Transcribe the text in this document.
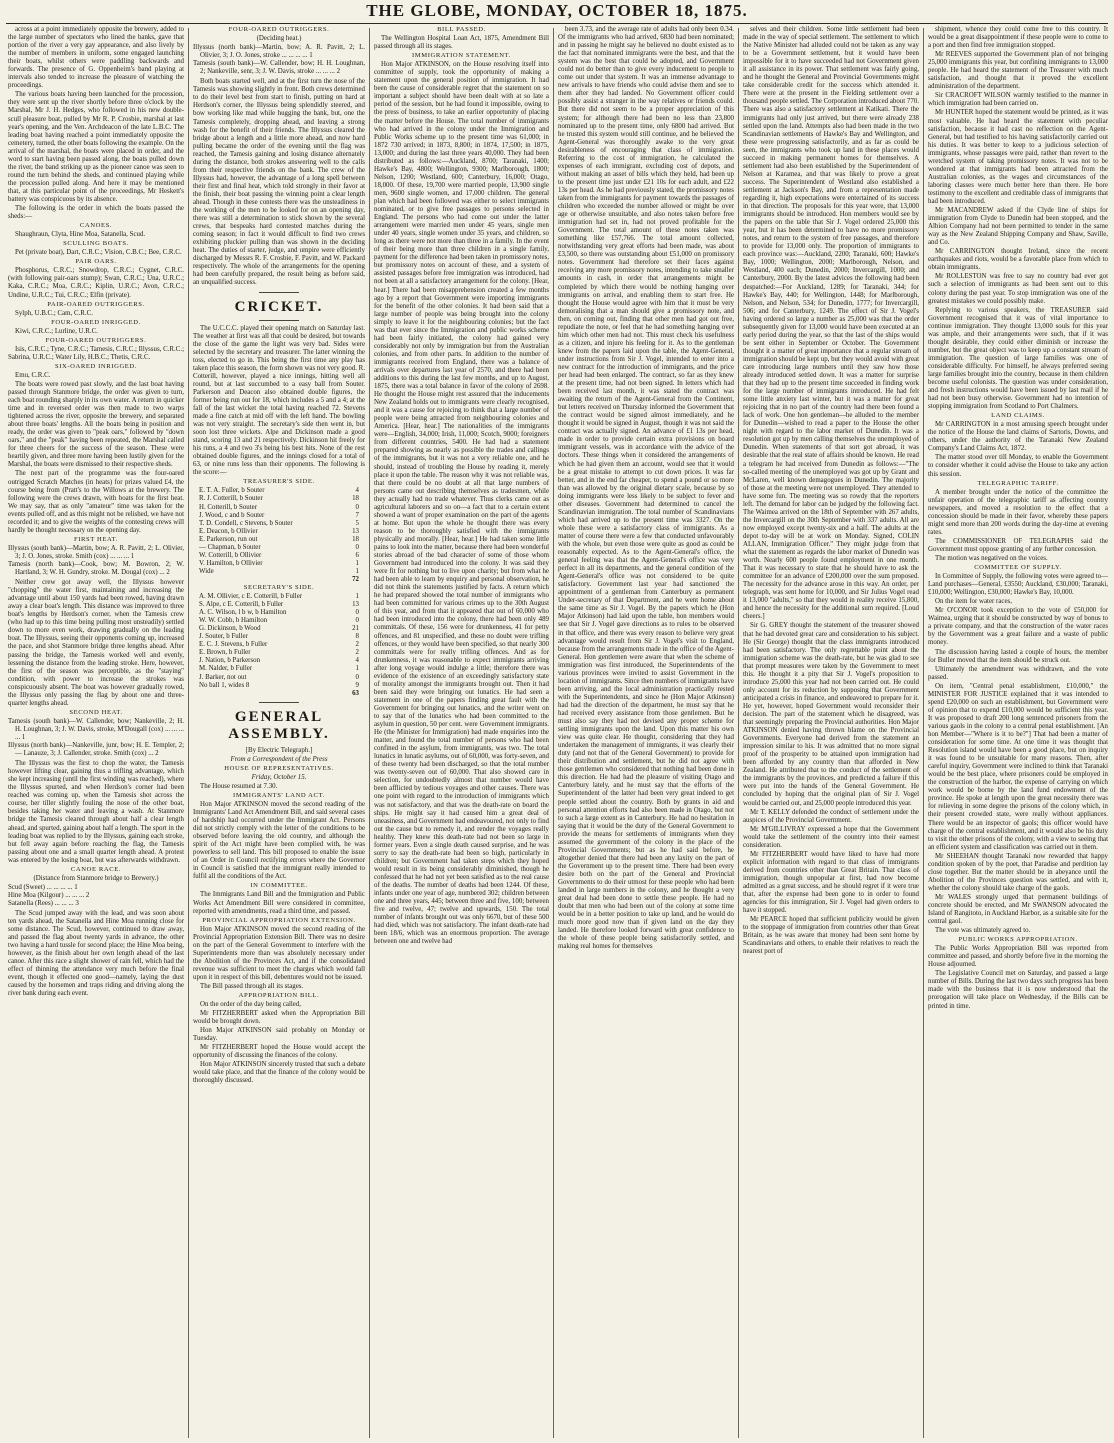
THE GLOBE, MONDAY, OCTOBER 18, 1875.

across at a point immediately opposite the brewery, added to the large number of spectators who lined the banks, gave that portion of the river a very gay appearance, and also lively by the number of members in uniform, some engaged launching their boats, whilst others were paddling backwards and forwards. The presence of G. Oppenheim's band playing at intervals also tended to increase the pleasure of watching the proceedings.

The various boats having been launched for the procession, they were sent up the river shortly before three o'clock by the Marshal, Mr J. H. Hedges, who followed in his new double-scull pleasure boat, pulled by Mr R. P. Crosbie, marshal at last year's opening, and the Ven. Archdeacon of the late L.B.C. The leading boat having reached a point immediately opposite the cemetery, turned, the other boats following the example. On the arrival of the marshal, the boats were placed in order, and the word to start having been passed along, the boats pulled down the river, the band striking up as the pioneer canoe was seen to round the turn behind the sheds, and continued playing while the procession pulled along. And here it may be mentioned that, at this particular point of the proceedings, Mr Heskett's battery was conspicuous by its absence.

The following is the order in which the boats passed the sheds:—

CANOES.

Shaughraun, Clyta, Hine Moa, Satanella, Scud.

SCULLING BOATS.

Pet (private boat), Dart, C.R.C.; Vision, C.B.C.; Bee, C.R.C.

PAIR OARS.

Phosphorus, C.R.C.; Snowdrop, C.R.C.; Cygnet, C.R.C. (with following pair-oars stump); Swan, C.R.C.; Una, U.R.C.; Kaka, C.R.C.; Moa, C.R.C.; Kiplin, U.R.C.; Avon, C.R.C.; Undine, U.R.C.; Tui, C.R.C.; Elfin (private).

PAIR-OARED OUTRIGGERS.

Sylph, U.B.C.; Cam, C.R.C.

FOUR-OARED INRIGGED.

Kiwi, C.R.C.; Lurline, U.R.C.

FOUR-OARED OUTRIGGERS.

Isis, C.R.C.; Tyne, C.R.C.; Tamesis, C.R.C.; Illyssus, C.R.C.; Sabrina, U.R.C.; Water Lily, H.B.C.; Thetis, C.R.C.

SIX-OARED INRIGGED.

Emu, C.R.C.

The boats were rowed past slowly, and the last boat having passed through Stanmore bridge, the order was given to turn, each boat rounding sharply in its own water. A return in quicker time and in reversed order was then made to two warps tightened across the river, opposite the brewery, and separated about three boats' lengths. All the boats being in position and ready, the order was given to "peak oars," followed by "down oars," and the "peak" having been repeated, the Marshal called for three cheers for the success of the season. These were heartily given, and three more having been lustily given for the Marshal, the boats were dismissed to their respective sheds.

The next part of the programme was the four-oared outrigged Scratch Matches (in heats) for prizes valued £4, the course being from (Pratt's to the Willows at the brewery. The following were the crews drawn, with boats for the first heat. We may say, that as only "amateur" time was taken for the events pulled off, and as this might not be relished, we have not recorded it; and to give the weights of the contesting crews will hardly be thought necessary on the opening day.

FIRST HEAT.

Illyssus (south bank)—Martin, bow; A. R. Pavitt, 2; L. Olivier, 3; J. O. Jones, stroke. Smith (cox) ... ... ... 1
Tamesis (north bank)—Cook, bow; M. Bowron, 2; W. Hartland, 3; W. H. Gundry, stroke. M. Dougal (cox) ... 2

Neither crew got away well, the Illyssus however "chopping" the water first, maintaining and increasing the advantage until about 150 yards had been rowed, having drawn away a clear boat's length. This distance was improved to three boat's lengths by Herdson's corner, when the Tamesis crew (who had up to this time being pulling most unsteadily) settled down to more even work, drawing gradually on the leading boat. The Illyssus, seeing their opponents coming up, increased the pace, and shot Stanmore bridge three lengths ahead. After passing the bridge, the Tamesis worked well and evenly, lessening the distance from the leading stroke. Here, however, the first of the season was perceptible, as the "staying" condition, with power to increase the strokes was conspicuously absent. The boat was however gradually rowed, the Illyssus only passing the flag by about one and three-quarter lengths ahead.

SECOND HEAT.

Tamesis (south bank)—W. Callender, bow; Nankeville, 2; H. H. Loughnan, 3; J. W. Davis, stroke, M'Dougall (cox) ... ... ... ... 1
Illyssus (north bank)—Nankeville, junr, bow; H. E. Templer, 2; — Lanauze, 3; J. Callender, stroke. Smith (cox) ... 2

The Illyssus was the first to chop the water, the Tamesis however lifting clear, gaining thus a trifling advantage, which she kept increasing (until the first winding was reached), where the Illyssus spurted, and when Herdson's corner had been reached was coming up, when the Tamesis shot across the course, her tiller slightly fouling the nose of the other boat, besides taking her water and leaving a wash. At Stanmore bridge the Tamesis cleared through about half a clear length ahead, and spurted, gaining about half a length. The sport in the leading boat was replied to by the Illyssus, gaining each stroke, but fell away again before reaching the flag, the Tamesis passing about one and a small quarter length ahead. A protest was entered by the losing boat, but was afterwards withdrawn.

CANOE RACE.

(Distance from Stanmore bridge to Brewery.)

Scud (Sweet) ... ... ... ... 1
Hine Moa (Kilgour) ... ... ... 2
Satanella (Rees) ... ... ... 3

The Scud jumped away with the lead, and was soon about ten yards ahead, the Satanella and Hine Moa running close for some distance. The Scud, however, continued to draw away, and passed the flag about twenty yards in advance, the other two having a hard tussle for second place; the Hine Moa being, however, as the finish about her own length ahead of the last canoe. After this race a slight shower of rain fell, which had the effect of thinning the attendance very much before the final event, though it effected one good—namely, laying the dust caused by the horsemen and traps riding and driving along the river bank during each event.

FOUR-OARED OUTRIGGERS.

(Deciding heat.)

Illyssus (north bank)—Martin, bow; A. R. Pavitt, 2; L. Olivier, 3; J. O. Jones, stroke ... ... ... ... 1
Tamesis (south bank)—W. Callender, bow; H. H. Loughnan, 2; Nankeville, senr, 3; J. W. Davis, stroke ... ... ... 2

Both boats started well, and at the first turn the nose of the Tamesis was showing slightly in front. Both crews determined to do their level best from start to finish, putting on hard at Herdson's corner, the Illyssus being splendidly steered, and bow working like mad while hugging the bank, but, one the Tamesis completely, dropping ahead, and leaving a strong wash for the benefit of their friends. The Illyssus cleared the bridge about a length and a little more ahead, and now hard pulling became the order of the evening until the flag was reached, the Tamesis gaining and losing distance alternately during the distance, both strokes answering well to the calls from their respective friends on the bank. The crew of the Illyssus had, however, the advantage of a long spell between their first and final heat, which told strongly in their favor at the finish, their boat passing the winning point a clear length ahead. Though in these contests there was the unsteadiness in the working of the men to be looked for on an opening day, there was still a determination to stick shown by the several crews, that bespeaks hard contested matches during the coming season; in fact it would difficult to find two crews exhibiting pluckier pulling than was shown in the deciding heat. The duties of starter, judge, and umpire were efficiently discharged by Messrs R. F. Crosbie, F. Pavitt, and W. Packard respectively. The whole of the arrangements for the opening had been carefully prepared, the result being as before said, an unqualified success.

CRICKET.

The U.C.C.C. played their opening match on Saturday last. The weather at first was all that could be desired, but towards the close of the game the light was very bad. Sides were selected by the secretary and treasurer. The latter winning the toss, elected to go in. This being the first time any play has taken place this season, the form shown was not very good. R. Cotterill, however, played a nice innings, hitting well all round, but at last succumbed to a easy ball from Souter. Parkerson and Deacon also obtained double figures, the former being run out for 18, which includes a 5 and a 4; at the fall of the last wicket the total having reached 72. Stevens made a fine catch at mid off with the left hand. The bowling was not very straight. The secretary's side then went in, but soon lost three wickets. Alpe and Dickinson made a good stand, scoring 13 and 21 respectively. Dickinson hit freely for his runs, a 4 and two 3's being his best hits. None of the rest obtained double figures, and the innings closed for a total of 63, or nine runs less than their opponents. The following is the score:—

TREASURER'S SIDE.

E. T. A. Fuller, b Souter	4
R. J. Cotterill, b Souter	18
H. Cotterill, b Souter	0
J. Wood, c and b Souter	7
T. D. Condell, c Stevens, b Souter	5
E. Deacon, b Ollivier	13
E. Parkerson, run out	18
— Chapman, b Souter	0
W. Cotterill, b Ollivier	6
V. Hamilton, b Ollivier	1
Wide	1
72

SECRETARY'S SIDE.

A. M. Ollivier, c E. Cotterill, b Fuller	1
S. Alpe, c E. Cotterill, b Fuller	13
A. C. Wilson, l b w, b Hamilton	0
W. W. Cobb, b Hamilton	0
G. Dickinson, b Wood	21
J. Souter, b Fuller	8
E. C. J. Stevens, b Fuller	2
E. Brown, b Fuller	2
J. Nation, b Parkerson	4
M. Nalder, b Fuller	1
J. Barker, not out	0
No ball 1, wides 8	9
63
GENERAL ASSEMBLY.

[By Electric Telegraph.]

From a Correspondent of the Press

HOUSE OF REPRESENTATIVES.

Friday, October 15.

The House resumed at 7.30.

IMMIGRANTS' LAND ACT.

Hon Major ATKINSON moved the second reading of the Immigrants' Land Act Amendment Bill, and said several cases of hardship had occurred under the Immigrant Act. Persons did not strictly comply with the letter of the conditions to be observed before leaving the old country, and although the spirit of the Act might have been complied with, he was powerless to sell land. This bill proposed to enable the issue of an Order in Council rectifying errors where the Governor in Council is satisfied that the immigrant really intended to fulfil all the conditions of the Act.

IN COMMITTEE.

The Immigrants Land Bill and the Immigration and Public Works Act Amendment Bill were considered in committee, reported with amendments, read a third time, and passed.

PROVINCIAL APPROPRIATION EXTENSION.

Hon Major ATKINSON moved the second reading of the Provincial Appropriation Extension Bill. There was no desire on the part of the General Government to interfere with the Superintendents more than was absolutely necessary under the Abolition of the Provinces Act, and if the consolidated revenue was sufficient to meet the charges which would fall upon it in respect of this bill, debentures would not be issued.

The Bill passed through all its stages.

APPROPRIATION BILL.

On the order of the day being called,

Mr FITZHERBERT asked when the Appropriation Bill would be brought down.

Hon Major ATKINSON said probably on Monday or Tuesday.

Mr FITZHERBERT hoped the House would accept the opportunity of discussing the finances of the colony.

Hon Major ATKINSON sincerely trusted that such a debate would take place, and that the finance of the colony would be thoroughly discussed.

BILL PASSED.

The Wellington Hospital Loan Act, 1875, Amendment Bill passed through all its stages.

IMMIGRATION STATEMENT.

Hon Major ATKINSON, on the House resolving itself into committee of supply, took the opportunity of making a statement upon the general position of immigration. It had been the cause of considerable regret that the statement on so important a subject should have been dealt with at so late a period of the session, but he had found it impossible, owing to the press of business, to take an earlier opportunity of placing the matter before the House. The total number of immigrants who had arrived in the colony under the Immigration and Public Works scheme up to the present time was 61,000; in 1872 730 arrived; in 1873, 8,800; in 1874, 17,500; in 1875, 13,000; and during the last three years 40,000. They had been distributed as follows:—Auckland, 8700; Taranaki, 1400; Hawke's Bay, 4800; Wellington, 9300; Marlborough, 1800; Nelson, 1200; Westland, 600; Canterbury, 16,000; Otago, 18,000. Of these, 19,700 were married people, 13,900 single men, 9600 single women, and 17,000 children. The general plan which had been followed was either to select immigrants nominated, or to give free passages to persons selected in England. The persons who had come out under the latter arrangement were married men under 45 years, single men under 40 years, single women under 35 years, and children, so long as there were not more than three in a family. In the event of their being more than three children in a single family, payment for the difference had been taken in promissory notes, but promissory notes on account of these, and a system of assisted passages before free immigration was introduced, had not been at all a satisfactory arrangement for the colony. [Hear, hear.] There had been misapprehension created a few months ago by a report that Government were importing immigrants for the benefit of the other colonies. It had been said that a large number of people was being brought into the colony simply to leave it for the neighbouring colonies; but the fact was that ever since the Immigration and public works scheme had been fairly initiated, the colony had gained very considerably not only by immigration but from the Australian colonies, and from other parts. In addition to the number of immigrants received from England, there was a balance of arrivals over departures last year of 2570, and there had been additions to this during the last few months, and up to August, 1875, there was a total balance in favor of the colony of 2698. He thought the House might rest assured that the inducements New Zealand holds out to immigrants were clearly recognised, and it was a cause for rejoicing to think that a large number of people were being attracted from neighbouring colonies and America. [Hear, hear.] The nationalities of the immigrants were—English, 34,000; Irish, 11,000; Scotch, 9000; foreigners from different countries, 5400. He had had a statement prepared showing as nearly as possible the trades and callings of the immigrants, but it was not a very reliable one, and he should, instead of troubling the House by reading it, merely place it upon the table. The reason why it was not reliable was, that there could be no doubt at all that large numbers of persons came out describing themselves as tradesmen, while they actually had no trade whatever. Thus clerks came out as agricultural laborers and so on—a fact that to a certain extent showed a want of proper examination on the part of the agents at home. But upon the whole he thought there was every reason to be thoroughly satisfied with the immigrants physically and morally. [Hear, hear.] He had taken some little pains to look into the matter, because there had been wonderful stories abroad of the bad character of some of those whom Government had introduced into the colony. It was said they were fit for nothing but to live upon charity; but from what he had been able to learn by enquiry and personal observation, he did not think the statements justified by facts. A return which he had prepared showed the total number of immigrants who had been committed for various crimes up to the 30th August of this year, and from that it appeared that out of 60,000 who had been introduced into the colony, there had been only 489 committals. Of these, 156 were for drunkenness, 41 for petty offences, and 81 unspecified, and these no doubt were trifling offences, or they would have been specified, so that nearly 300 committals were for really trifling offences. And as for drunkenness, it was reasonable to expect immigrants arriving after long voyage would indulge a little; therefore there was evidence of the existence of an exceedingly satisfactory state of morality amongst the immigrants brought out. Then it had been said they were bringing out lunatics. He had seen a statement in one of the papers finding great fault with the Government for bringing out lunatics, and the writer went on to say that of the lunatics who had been committed to the asylum in question, 50 per cent. were Government immigrants. He (the Minister for Immigration) had made enquiries into the matter, and found the total number of persons who had been confined in the asylum, from immigrants, was two. The total lunatics in lunatic asylums, out of 60,000, was forty-seven, and of these twenty had been discharged, so that the total number was twenty-seven out of 60,000. That also showed care in selection, for undoubtedly almost that number would have been afflicted by tedious voyages and other causes. There was one point with regard to the introduction of immigrants which was not satisfactory, and that was the death-rate on board the ships. He might say it had caused him a great deal of uneasiness, and Government had endeavoured, not only to find out the cause but to remedy it, and render the voyages really healthy. They knew this death-rate had not been so large in former years. Even a single death caused surprise, and he was sorry to say the death-rate had been so high, particularly in children; but Government had taken steps which they hoped would result in its being considerably diminished, though he confessed that he had not yet been satisfied as to the real cause of the deaths. The number of deaths had been 1244. Of these, infants under one year of age, numbered 302; children between one and three years, 445; between three and five, 100; between five and twelve, 47; twelve and upwards, 150. The total number of infants brought out was only 6670, but of these 500 had died, which was not satisfactory. The infant death-rate had been 18/6, which was an enormous proportion. The average between one and twelve had

been 3.73, and the average rate of adults had only been 0.34. Of the immigrants who had arrived, 6830 had been nominated; and in passing he might say he believed no doubt existed as to the fact that nominated immigrants were the best, and that the system was the best that could be adopted, and Government could not do better than to give every inducement to people to come out under that system. It was an immense advantage to new arrivals to have friends who could advise them and see to them after they had landed. No Government officer could possibly assist a stranger in the way relatives or friends could. But there did not seem to be a proper appreciation of this system; for although there had been no less than 23,800 nominated up to the present time, only 6800 had arrived. But he trusted this system would still continue, and he believed the Agent-General was thoroughly awake to the very great desirableness of encouraging that class of immigration. Referring to the cost of immigration, he calculated the expenses of each immigrant, excluding cost of depots, and without making an asset of bills which they held, had been up to the present time just under £21 10s for each adult, and £22 13s per head. As he had previously stated, the promissory notes taken from the immigrants for payment towards the passages of children who exceeded the number allowed or might be over age or otherwise unsuitable, and also notes taken before free immigration had set in, had not proved profitable for the Government. The total amount of these notes taken was something like £57,766. The total amount collected, notwithstanding very great efforts had been made, was about £3,500, so there was outstanding about £51,000 on promissory notes. Government had therefore set their faces against receiving any more promissory notes, intending to take smaller amounts in cash, in order that arrangements might be completed by which there would be nothing hanging over immigrants on arrival, and enabling them to start free. He thought the House would agree with him that it must be very demoralising that a man should give a promissory note, and then, on coming out, finding that other men had got out free, repudiate the note, or feel that he had something hanging over him which other men had not. This must check his usefulness as a citizen, and injure his feeling for it. As to the gentleman knew from the papers laid upon the table, the Agent-General, under instructions from Sir J. Vogel, intended to enter into a new contract for the introduction of immigrants, and the price per head had been enlarged. The contract, so far as they knew at the present time, had not been signed. In letters which had been received last month, it was stated the contract was awaiting the return of the Agent-General from the Continent, but letters received on Thursday informed the Government that the contract would be signed almost immediately, and he thought it would be signed in August, though it was not said the contract was actually signed. An advance of £1 13s per head, made in order to provide certain extra provisions on board immigrant vessels, was in accordance with the advice of the doctors. These things when it considered the arrangements of which he had given them an account, would see that it would be a great mistake to attempt to cut down prices. It was far better, and in the end far cheaper, to spend a pound or so more than was allowed by the original dietary scale, because by so doing immigrants were less likely to be subject to fever and other diseases. Government had determined to cancel the Scandinavian immigration. The total number of Scandinavians which had arrived up to the present time was 3327. On the whole these were a satisfactory class of immigrants. As a matter of course there were a few that conducted unfavourably with the whole, but even those were quite as good as could be reasonably expected. As to the Agent-General's office, the general feeling was that the Agent-General's office was very perfect in all its departments, and the general condition of the Agent-General's office was not considered to be quite satisfactory. Government last year had sanctioned the appointment of a gentleman from Canterbury as permanent Under-secretary of that Department, and he went home about the same time as Sir J. Vogel. By the papers which he (Hon Major Atkinson) had laid upon the table, hon members would see that Sir J. Vogel gave directions as to rules to be observed in that office, and there was every reason to believe very great advantage would result from Sir J. Vogel's visit to England, because from the arrangements made in the office of the Agent-General. Hon gentlemen were aware that when the scheme of immigration was first introduced, the Superintendents of the various provinces were invited to assist Government in the location of immigrants. Since then numbers of immigrants have been arriving, and the local administration practically rested with the Superintendents, and since he (Hon Major Atkinson) had had the direction of the department, he must say that he had received every assistance from those gentlemen. But he must also say they had not devised any proper scheme for settling immigrants upon the land. Upon this matter his own view was quite clear. He thought, considering that they had undertaken the management of immigrants, it was clearly their duty (and not that of the General Government) to provide for their distribution and settlement, but he did not agree with those gentlemen who considered that nothing had been done in this direction. He had had the pleasure of visiting Otago and Canterbury lately, and he must say that the efforts of the Superintendent of the latter had been very great indeed to get people settled about the country. Both by grants in aid and personal attention efforts had also been made in Otago, but not to such a large extent as in Canterbury. He had no hesitation in saying that it would be the duty of the General Government to provide the means for settlements of immigrants when they assumed the government of the colony in the place of the Provincial Governments; but as he had said before, he altogether denied that there had been any laxity on the part of the Government up to the present time. There had been every desire both on the part of the General and Provincial Governments to do their utmost for these people who had been landed in large numbers in the colony, and he thought a very great deal had been done to settle these people. He had no doubt that men who had been out of the colony at some time would be in a better position to take up land, and he would do much more good now than if given land on the day they landed. He therefore looked forward with great confidence to the whole of these people being satisfactorily settled, and making real homes for themselves

selves and their children. Some little settlement had been made in the way of special settlement. The settlement to which the Native Minister had alluded could not be taken as any way to be a Government settlement, but it would have been impossible for it to have succeeded had not Government given it all assistance in its power. That settlement was fairly going, and he thought the General and Provincial Governments might take considerable credit for the success which attended it. There were at the present in the Fielding settlement over a thousand people settled. The Corporation introduced about 770. There was also a satisfactory settlement at Katikati. There the immigrants had only just arrived, but there were already 238 settled upon the land. Attempts also had been made in the two Scandinavian settlements of Hawke's Bay and Wellington, and these were progressing satisfactorily, and as far as could be seen, the immigrants who took up land in these places would succeed in making permanent homes for themselves. A settlement had also been established by the Superintendent of Nelson at Karamea, and that was likely to prove a great success. The Superintendent of Westland also established a settlement at Jackson's Bay, and from a representation made regarding it, high expectations were entertained of its success in that direction. The proposals for this year were, that 13,000 immigrants should be introduced. Hon members would see by the papers on the table that Sir J. Vogel ordered 25,000 this year, but it has been determined to have no more promissory notes, and return to the system of free passages, and therefore to provide for 13,000 only. The proportion of immigrants to each province was:—Auckland, 2200; Taranaki, 600; Hawke's Bay, 1000; Wellington, 2000; Marlborough, Nelson, and Westland, 400 each; Dunedin, 2000; Invercargill, 1000; and Canterbury, 2000. By the latest advices the following had been despatched:—For Auckland, 1289; for Taranaki, 344; for Hawke's Bay, 440; for Wellington, 1448; for Marlborough, Nelson, and Nelson, 534; for Dunedin, 1777; for Invercargill, 506; and for Canterbury, 1249. The effect of Sir J. Vogel's having ordered so large a number as 25,000 was that the order subsequently given for 13,000 would have been executed at an early period during the year, so that the last of the ships would be sent either in September or October. The Government thought it a matter of great importance that a regular stream of immigration should be kept up, but they would avoid with great care introducing large numbers until they saw how those already introduced settled down. It was a matter for surprise that they had up to the present time succeeded in finding work for the large number of immigrants introduced. He had felt some little anxiety last winter, but it was a matter for great rejoicing that in no part of the country had there been found a lack of work. One hon gentleman—he alluded to the member for Dunedin—wished to read a paper to the House the other night with regard to the labor market of Dunedin. It was a resolution got up by men calling themselves the unemployed of Dunedin. When statements of that sort got abroad, it was desirable that the real state of affairs should be known. He read a telegram he had received from Dunedin as follows:—"The so-called meeting of the unemployed was got up by Grant and McLaren, well known demagogues in Dunedin. The majority of those at the meeting were not unemployed. They attended to have some fun. The meeting was so rowdy that the reporters left. The demand for labor can be judged by the following fact. The Waimea arrived on the 18th of September with 267 adults, the Invercargill on the 30th September with 337 adults. All are now employed except twenty-six and a half. The adults at the depot to-day will be at work on Monday. Signed, COLIN ALLAN, Immigration Officer." They might judge from that what the statement as regards the labor market of Dunedin was worth. Nearly 600 people found employment in one month. That it was necessary to state that he should have to ask the committee for an advance of £200,000 over the sum proposed. The necessity for the advance arose in this way. An order, per telegraph, was sent home for 10,000, and Sir Julius Vogel read it 13,000 "adults," so that they would in reality receive 15,800, and hence the necessity for the additional sum required. [Loud cheers.]

Sir G. GREY thought the statement of the treasurer showed that he had devoted great care and consideration to his subject. He (Sir George) thought that the class immigrants introduced had been satisfactory. The only regrettable point about the immigration scheme was the death-rate, but he was glad to see that prompt measures were taken by the Government to meet this. He thought it a pity that Sir J. Vogel's proposition to introduce 25,000 this year had not been carried out. He could only account for its reduction by supposing that Government anticipated a crisis in finance, and endeavored to prepare for it. He yet, however, hoped Government would reconsider their decision. The part of the statement which he disagreed, was that seemingly preparing the Provincial authorities. Hon Major ATKINSON denied having thrown blame on the Provincial Governments. Everyone had derived from the statement an impression similar to his. It was admitted that no more signal proof of the prosperity to be attained upon immigration had been afforded by any country than that afforded in New Zealand. He attributed that to the conduct of the settlement of the immigrants by the provinces, and predicted a failure if this were put into the hands of the General Government. He concluded by hoping that the original plan of Sir J. Vogel would be carried out, and 25,000 people introduced this year.

Mr T. KELLY defended the conduct of settlement under the auspices of the Provincial Government.

Mr M'GILLIVRAY expressed a hope that the Government would take the settlement of the country into their earnest consideration.

Mr FITZHERBERT would have liked to have had more explicit information with regard to that class of immigrants derived from countries other than Great Britain. That class of immigration, though unpopular at first, had now become admitted as a great success, and he should regret if it were true that, after the expense had been gone to in order to found agencies for this immigration, Sir J. Vogel had given orders to have it stopped.

Mr PEARCE hoped that sufficient publicity would be given to the stoppage of immigration from countries other than Great Britain, as he was aware that money had been sent home by Scandinavians and others, to enable their relatives to reach the nearest port of

shipment, whence they could come free to this country. It would be a great disappointment if these people were to come to a port and then find free immigration stopped.

Mr REEVES supported the Government plan of not bringing 25,000 immigrants this year, but confining immigrants to 13,000 people. He had heard the statement of the Treasurer with much satisfaction, and thought that it proved the excellent administration of the department.

Sir CRACROFT WILSON warmly testified to the manner in which immigration had been carried on.

Mr HUNTER hoped the statement would be printed, as it was most valuable. He had heard the statement with peculiar satisfaction, because it had cast no reflection on the Agent-General, but had testified to his having satisfactorily carried out his duties. It was better to keep to a judicious selection of immigrants, whose passages were paid, rather than revert to the wretched system of taking promissory notes. It was not to be wondered at that immigrants had been attracted from the Australian colonies, as the wages and circumstances of the laboring classes were much better here than there. He bore testimony to the excellent and creditable class of immigrants that had been introduced.

Mr MACANDREW asked if the Clyde line of ships for immigration from Clyde to Dunedin had been stopped, and the Albion Company had not been permitted to tender in the same way as the New Zealand Shipping Company and Shaw, Saville, and Co.

Mr CARRINGTON thought Ireland, since the recent earthquakes and riots, would be a favorable place from which to obtain immigrants.

Mr ROLLESTON was free to say no country had ever got such a selection of immigrants as had been sent out to this colony during the past year. To stop immigration was one of the greatest mistakes we could possibly make.

Replying to various speakers, the TREASURER said Government recognised that it was of vital importance to continue immigration. They thought 13,000 souls for this year was ample, and their arrangements were such, that if it was thought desirable, they could either diminish or increase the number, but the great object was to keep up a constant stream of immigration. The question of large families was one of considerable difficulty. For himself, he always preferred seeing large families brought into the country, because in them children become useful colonists. The question was under consideration, and fresh instructions would have been issued by last mail if he had not been busy otherwise. Government had no intention of stopping immigration from Scotland to Port Chalmers.

LAND CLAIMS.

Mr CARRINGTON in a most amusing speech brought under the notice of the House the land claims of Sartoris, Downs, and others, under the authority of the Taranaki New Zealand Company's Land Claims Act, 1872.

The matter stood over till Monday, to enable the Government to consider whether it could advise the House to take any action this session.

TELEGRAPHIC TARIFF.

A member brought under the notice of the committee the unfair operation of the telegraphic tariff as affecting country newspapers, and moved a resolution to the effect that a concession should be made in their favor, whereby these papers might send more than 200 words during the day-time at evening rates.

The COMMISSIONER OF TELEGRAPHS said the Government must oppose granting of any further concession.

The motion was negatived on the voices.

COMMITTEE OF SUPPLY.

In Committee of Supply, the following votes were agreed to—Land purchases—General, £3550; Auckland, £30,000; Taranaki, £10,000; Wellington, £30,000; Hawke's Bay, 10,000.

On the item for water races,

Mr O'CONOR took exception to the vote of £50,000 for Waimea, urging that it should be constructed by way of bonus to a private company, and that the construction of the water races by the Government was a great failure and a waste of public money.

The discussion having lasted a couple of hours, the member for Buller moved that the item should be struck out.

Ultimately the amendment was withdrawn, and the vote passed.

On item, "Central penal establishment, £10,000," the MINISTER FOR JUSTICE explained that it was intended to spend £20,000 on such an establishment, but Government were of opinion that to expend £10,000 would be sufficient this year. It was proposed to draft 200 long sentenced prisoners from the various gaols in the colony to a central penal establishment. [An hon Member—"Where is it to be?"] That had been a matter of consideration for some time. At one time it was thought that Resolution island would have been a good place, but on inquiry it was found to be unsuitable for many reasons. Then, after careful inquiry, Government were inclined to think that Taranaki would be the best place, where prisoners could be employed in the construction of the harbor, the expense of carrying on which work would be borne by the land fund endowment of the province. He spoke at length upon the great necessity there was for relieving in some degree the prisons of the colony which, in their present crowded state, were really without appliances. There would be an inspector of gaols; this officer would have charge of the central establishment, and it would also be his duty to visit the other prisons of the colony, with a view to seeing that an efficient system and classification was carried out in them.

Mr SHEEHAN thought Taranaki now rewarded that happy condition spoken of by the poet, that Paradise and perdition lay close together. But the matter should be in abeyance until the Abolition of the Provinces question was settled, and with it, whether the colony should take charge of the gaols.

Mr WALES strongly urged that permanent buildings of concrete should be erected, and Mr SWANSON advocated the Island of Rangitoto, in Auckland Harbor, as a suitable site for the central gaol.

The vote was ultimately agreed to.

PUBLIC WORKS APPROPRIATION.

The Public Works Appropriation Bill was reported from committee and passed, and shortly before five in the morning the House adjourned.

The Legislative Council met on Saturday, and passed a large number of Bills. During the last two days such progress has been made with the business that it is now understood that the prorogation will take place on Wednesday, if the Bills can be printed in time.
